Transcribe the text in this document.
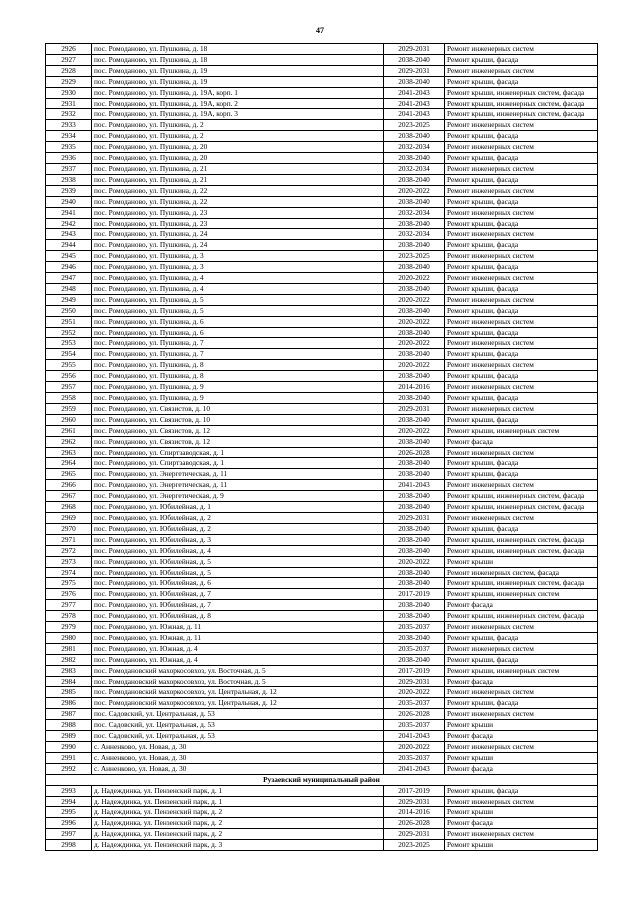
47
2926	пос. Ромоданово, ул. Пушкина, д. 18	2029-2031	Ремонт инженерных систем
2927	пос. Ромоданово, ул. Пушкина, д. 18	2038-2040	Ремонт крыши, фасада
2928	пос. Ромоданово, ул. Пушкина, д. 19	2029-2031	Ремонт инженерных систем
2929	пос. Ромоданово, ул. Пушкина, д. 19	2038-2040	Ремонт крыши, фасада
2930	пос. Ромоданово, ул. Пушкина, д. 19А, корп. 1	2041-2043	Ремонт крыши, инженерных систем, фасада
2931	пос. Ромоданово, ул. Пушкина, д. 19А, корп. 2	2041-2043	Ремонт крыши, инженерных систем, фасада
2932	пос. Ромоданово, ул. Пушкина, д. 19А, корп. 3	2041-2043	Ремонт крыши, инженерных систем, фасада
2933	пос. Ромоданово, ул. Пушкина, д. 2	2023-2025	Ремонт инженерных систем
2934	пос. Ромоданово, ул. Пушкина, д. 2	2038-2040	Ремонт крыши, фасада
2935	пос. Ромоданово, ул. Пушкина, д. 20	2032-2034	Ремонт инженерных систем
2936	пос. Ромоданово, ул. Пушкина, д. 20	2038-2040	Ремонт крыши, фасада
2937	пос. Ромоданово, ул. Пушкина, д. 21	2032-2034	Ремонт инженерных систем
2938	пос. Ромоданово, ул. Пушкина, д. 21	2038-2040	Ремонт крыши, фасада
2939	пос. Ромоданово, ул. Пушкина, д. 22	2020-2022	Ремонт инженерных систем
2940	пос. Ромоданово, ул. Пушкина, д. 22	2038-2040	Ремонт крыши, фасада
2941	пос. Ромоданово, ул. Пушкина, д. 23	2032-2034	Ремонт инженерных систем
2942	пос. Ромоданово, ул. Пушкина, д. 23	2038-2040	Ремонт крыши, фасада
2943	пос. Ромоданово, ул. Пушкина, д. 24	2032-2034	Ремонт инженерных систем
2944	пос. Ромоданово, ул. Пушкина, д. 24	2038-2040	Ремонт крыши, фасада
2945	пос. Ромоданово, ул. Пушкина, д. 3	2023-2025	Ремонт инженерных систем
2946	пос. Ромоданово, ул. Пушкина, д. 3	2038-2040	Ремонт крыши, фасада
2947	пос. Ромоданово, ул. Пушкина, д. 4	2020-2022	Ремонт инженерных систем
2948	пос. Ромоданово, ул. Пушкина, д. 4	2038-2040	Ремонт крыши, фасада
2949	пос. Ромоданово, ул. Пушкина, д. 5	2020-2022	Ремонт инженерных систем
2950	пос. Ромоданово, ул. Пушкина, д. 5	2038-2040	Ремонт крыши, фасада
2951	пос. Ромоданово, ул. Пушкина, д. 6	2020-2022	Ремонт инженерных систем
2952	пос. Ромоданово, ул. Пушкина, д. 6	2038-2040	Ремонт крыши, фасада
2953	пос. Ромоданово, ул. Пушкина, д. 7	2020-2022	Ремонт инженерных систем
2954	пос. Ромоданово, ул. Пушкина, д. 7	2038-2040	Ремонт крыши, фасада
2955	пос. Ромоданово, ул. Пушкина, д. 8	2020-2022	Ремонт инженерных систем
2956	пос. Ромоданово, ул. Пушкина, д. 8	2038-2040	Ремонт крыши, фасада
2957	пос. Ромоданово, ул. Пушкина, д. 9	2014-2016	Ремонт инженерных систем
2958	пос. Ромоданово, ул. Пушкина, д. 9	2038-2040	Ремонт крыши, фасада
2959	пос. Ромоданово, ул. Связистов, д. 10	2029-2031	Ремонт инженерных систем
2960	пос. Ромоданово, ул. Связистов, д. 10	2038-2040	Ремонт крыши, фасада
2961	пос. Ромоданово, ул. Связистов, д. 12	2020-2022	Ремонт крыши, инженерных систем
2962	пос. Ромоданово, ул. Связистов, д. 12	2038-2040	Ремонт фасада
2963	пос. Ромоданово, ул. Спиртзаводская, д. 1	2026-2028	Ремонт инженерных систем
2964	пос. Ромоданово, ул. Спиртзаводская, д. 1	2038-2040	Ремонт крыши, фасада
2965	пос. Ромоданово, ул. Энергетическая, д. 11	2038-2040	Ремонт крыши, фасада
2966	пос. Ромоданово, ул. Энергетическая, д. 11	2041-2043	Ремонт инженерных систем
2967	пос. Ромоданово, ул. Энергетическая, д. 9	2038-2040	Ремонт крыши, инженерных систем, фасада
2968	пос. Ромоданово, ул. Юбилейная, д. 1	2038-2040	Ремонт крыши, инженерных систем, фасада
2969	пос. Ромоданово, ул. Юбилейная, д. 2	2029-2031	Ремонт инженерных систем
2970	пос. Ромоданово, ул. Юбилейная, д. 2	2038-2040	Ремонт крыши, фасада
2971	пос. Ромоданово, ул. Юбилейная, д. 3	2038-2040	Ремонт крыши, инженерных систем, фасада
2972	пос. Ромоданово, ул. Юбилейная, д. 4	2038-2040	Ремонт крыши, инженерных систем, фасада
2973	пос. Ромоданово, ул. Юбилейная, д. 5	2020-2022	Ремонт крыши
2974	пос. Ромоданово, ул. Юбилейная, д. 5	2038-2040	Ремонт инженерных систем, фасада
2975	пос. Ромоданово, ул. Юбилейная, д. 6	2038-2040	Ремонт крыши, инженерных систем, фасада
2976	пос. Ромоданово, ул. Юбилейная, д. 7	2017-2019	Ремонт крыши, инженерных систем
2977	пос. Ромоданово, ул. Юбилейная, д. 7	2038-2040	Ремонт фасада
2978	пос. Ромоданово, ул. Юбилейная, д. 8	2038-2040	Ремонт крыши, инженерных систем, фасада
2979	пос. Ромоданово, ул. Южная, д. 11	2035-2037	Ремонт инженерных систем
2980	пос. Ромоданово, ул. Южная, д. 11	2038-2040	Ремонт крыши, фасада
2981	пос. Ромоданово, ул. Южная, д. 4	2035-2037	Ремонт инженерных систем
2982	пос. Ромоданово, ул. Южная, д. 4	2038-2040	Ремонт крыши, фасада
2983	пос. Ромодановский махоркосовхоз, ул. Восточная, д. 5	2017-2019	Ремонт крыши, инженерных систем
2984	пос. Ромодановский махоркосовхоз, ул. Восточная, д. 5	2029-2031	Ремонт фасада
2985	пос. Ромодановский махоркосовхоз, ул. Центральная, д. 12	2020-2022	Ремонт инженерных систем
2986	пос. Ромодановский махоркосовхоз, ул. Центральная, д. 12	2035-2037	Ремонт крыши, фасада
2987	пос. Садовский, ул. Центральная, д. 53	2026-2028	Ремонт инженерных систем
2988	пос. Садовский, ул. Центральная, д. 53	2035-2037	Ремонт крыши
2989	пос. Садовский, ул. Центральная, д. 53	2041-2043	Ремонт фасада
2990	с. Анненково, ул. Новая, д. 30	2020-2022	Ремонт инженерных систем
2991	с. Анненково, ул. Новая, д. 30	2035-2037	Ремонт крыши
2992	с. Анненково, ул. Новая, д. 30	2041-2043	Ремонт фасада
Рузаевский муниципальный район			
2993	д. Надеждинка, ул. Пензенский парк, д. 1	2017-2019	Ремонт крыши, фасада
2994	д. Надеждинка, ул. Пензенский парк, д. 1	2029-2031	Ремонт инженерных систем
2995	д. Надеждинка, ул. Пензенский парк, д. 2	2014-2016	Ремонт крыши
2996	д. Надеждинка, ул. Пензенский парк, д. 2	2026-2028	Ремонт фасада
2997	д. Надеждинка, ул. Пензенский парк, д. 2	2029-2031	Ремонт инженерных систем
2998	д. Надеждинка, ул. Пензенский парк, д. 3	2023-2025	Ремонт крыши
